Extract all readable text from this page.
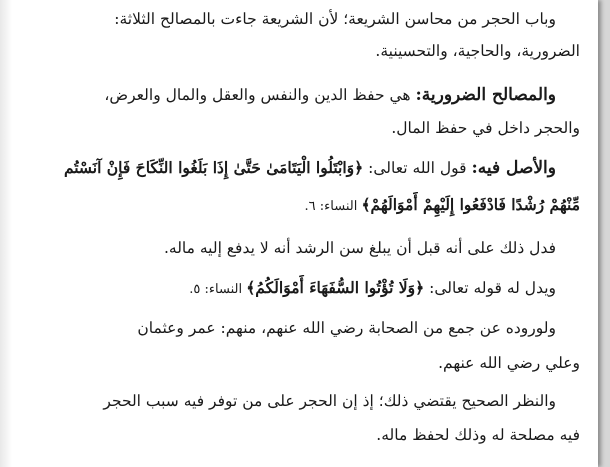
وباب الحجر من محاسن الشريعة؛ لأن الشريعة جاءت بالمصالح الثلاثة:
الضرورية، والحاجية، والتحسينية.
والمصالح الضرورية: هي حفظ الدين والنفس والعقل والمال والعرض،
والحجر داخل في حفظ المال.
والأصل فيه: قول الله تعالى: ﴿وَابْتَلُوا الْيَتَامَىٰ حَتَّىٰ إِذَا بَلَغُوا النِّكَاحَ فَإِنْ آنَسْتُم
مِّنْهُمْ رُشْدًا فَادْفَعُوا إِلَيْهِمْ أَمْوَالَهُمْ﴾ النساء: ٦.
فدل ذلك على أنه قبل أن يبلغ سن الرشد أنه لا يدفع إليه ماله.
ويدل له قوله تعالى: ﴿وَلَا تُؤْتُوا السُّفَهَاءَ أَمْوَالَكُمُ﴾ النساء: ٥.
ولوروده عن جمع من الصحابة رضي الله عنهم، منهم: عمر وعثمان
وعلي رضي الله عنهم.
والنظر الصحيح يقتضي ذلك؛ إذ إن الحجر على من توفر فيه سبب الحجر
فيه مصلحة له وذلك لحفظ ماله.
